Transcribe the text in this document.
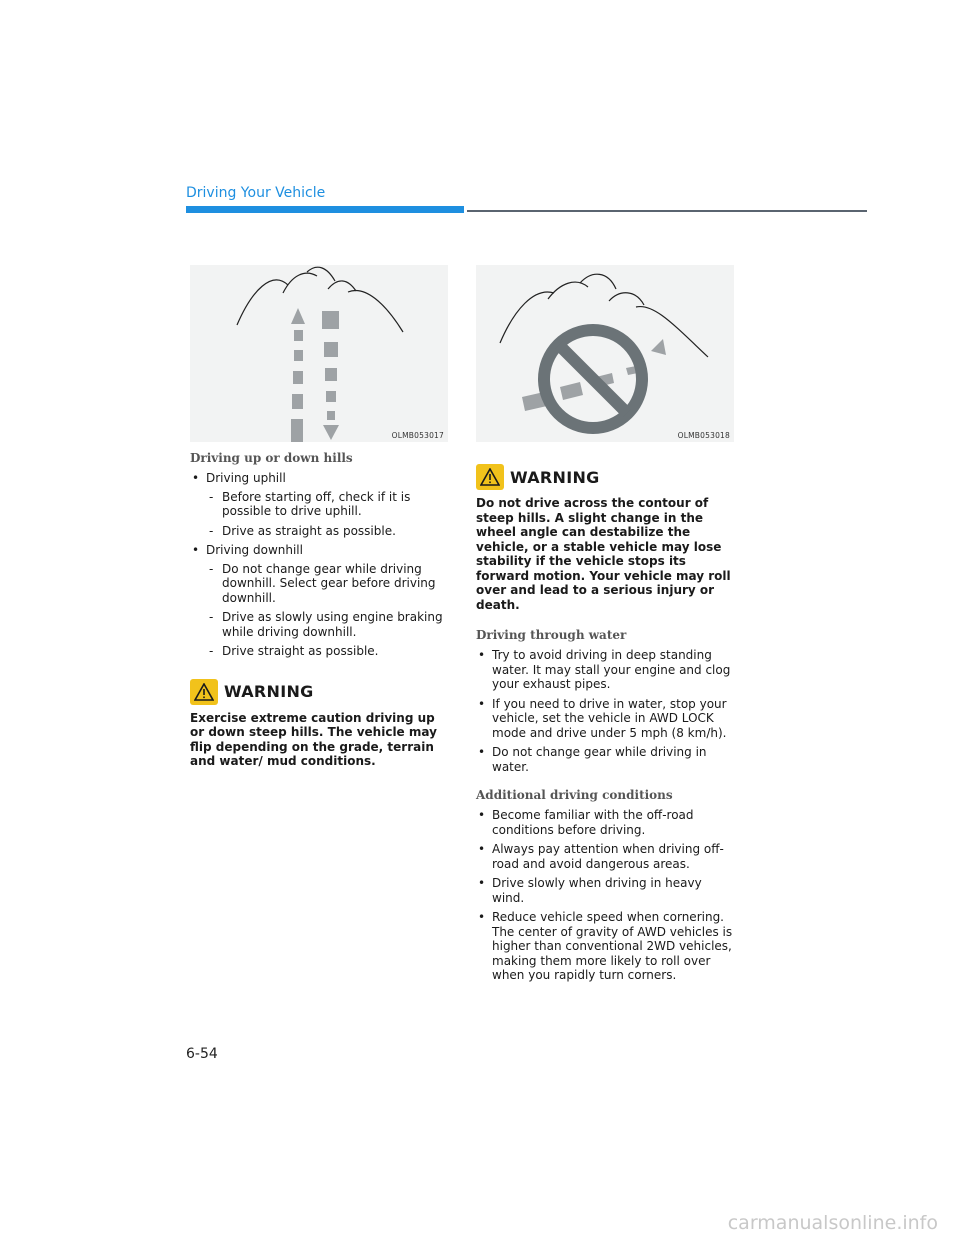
Driving Your Vehicle
OLMB053017
Driving up or down hills
• Driving uphill
- Before starting off, check if it is possible to drive uphill.
- Drive as straight as possible.
• Driving downhill
- Do not change gear while driving downhill. Select gear before driving downhill.
- Drive as slowly using engine braking while driving downhill.
- Drive straight as possible.
WARNING
Exercise extreme caution driving up or down steep hills. The vehicle may flip depending on the grade, terrain and water/ mud conditions.
OLMB053018
WARNING
Do not drive across the contour of steep hills. A slight change in the wheel angle can destabilize the vehicle, or a stable vehicle may lose stability if the vehicle stops its forward motion. Your vehicle may roll over and lead to a serious injury or death.
Driving through water
• Try to avoid driving in deep standing water. It may stall your engine and clog your exhaust pipes.
• If you need to drive in water, stop your vehicle, set the vehicle in AWD LOCK mode and drive under 5 mph (8 km/h).
• Do not change gear while driving in water.
Additional driving conditions
• Become familiar with the off-road conditions before driving.
• Always pay attention when driving off-road and avoid dangerous areas.
• Drive slowly when driving in heavy wind.
• Reduce vehicle speed when cornering. The center of gravity of AWD vehicles is higher than conventional 2WD vehicles, making them more likely to roll over when you rapidly turn corners.
6-54
carmanualsonline.info
